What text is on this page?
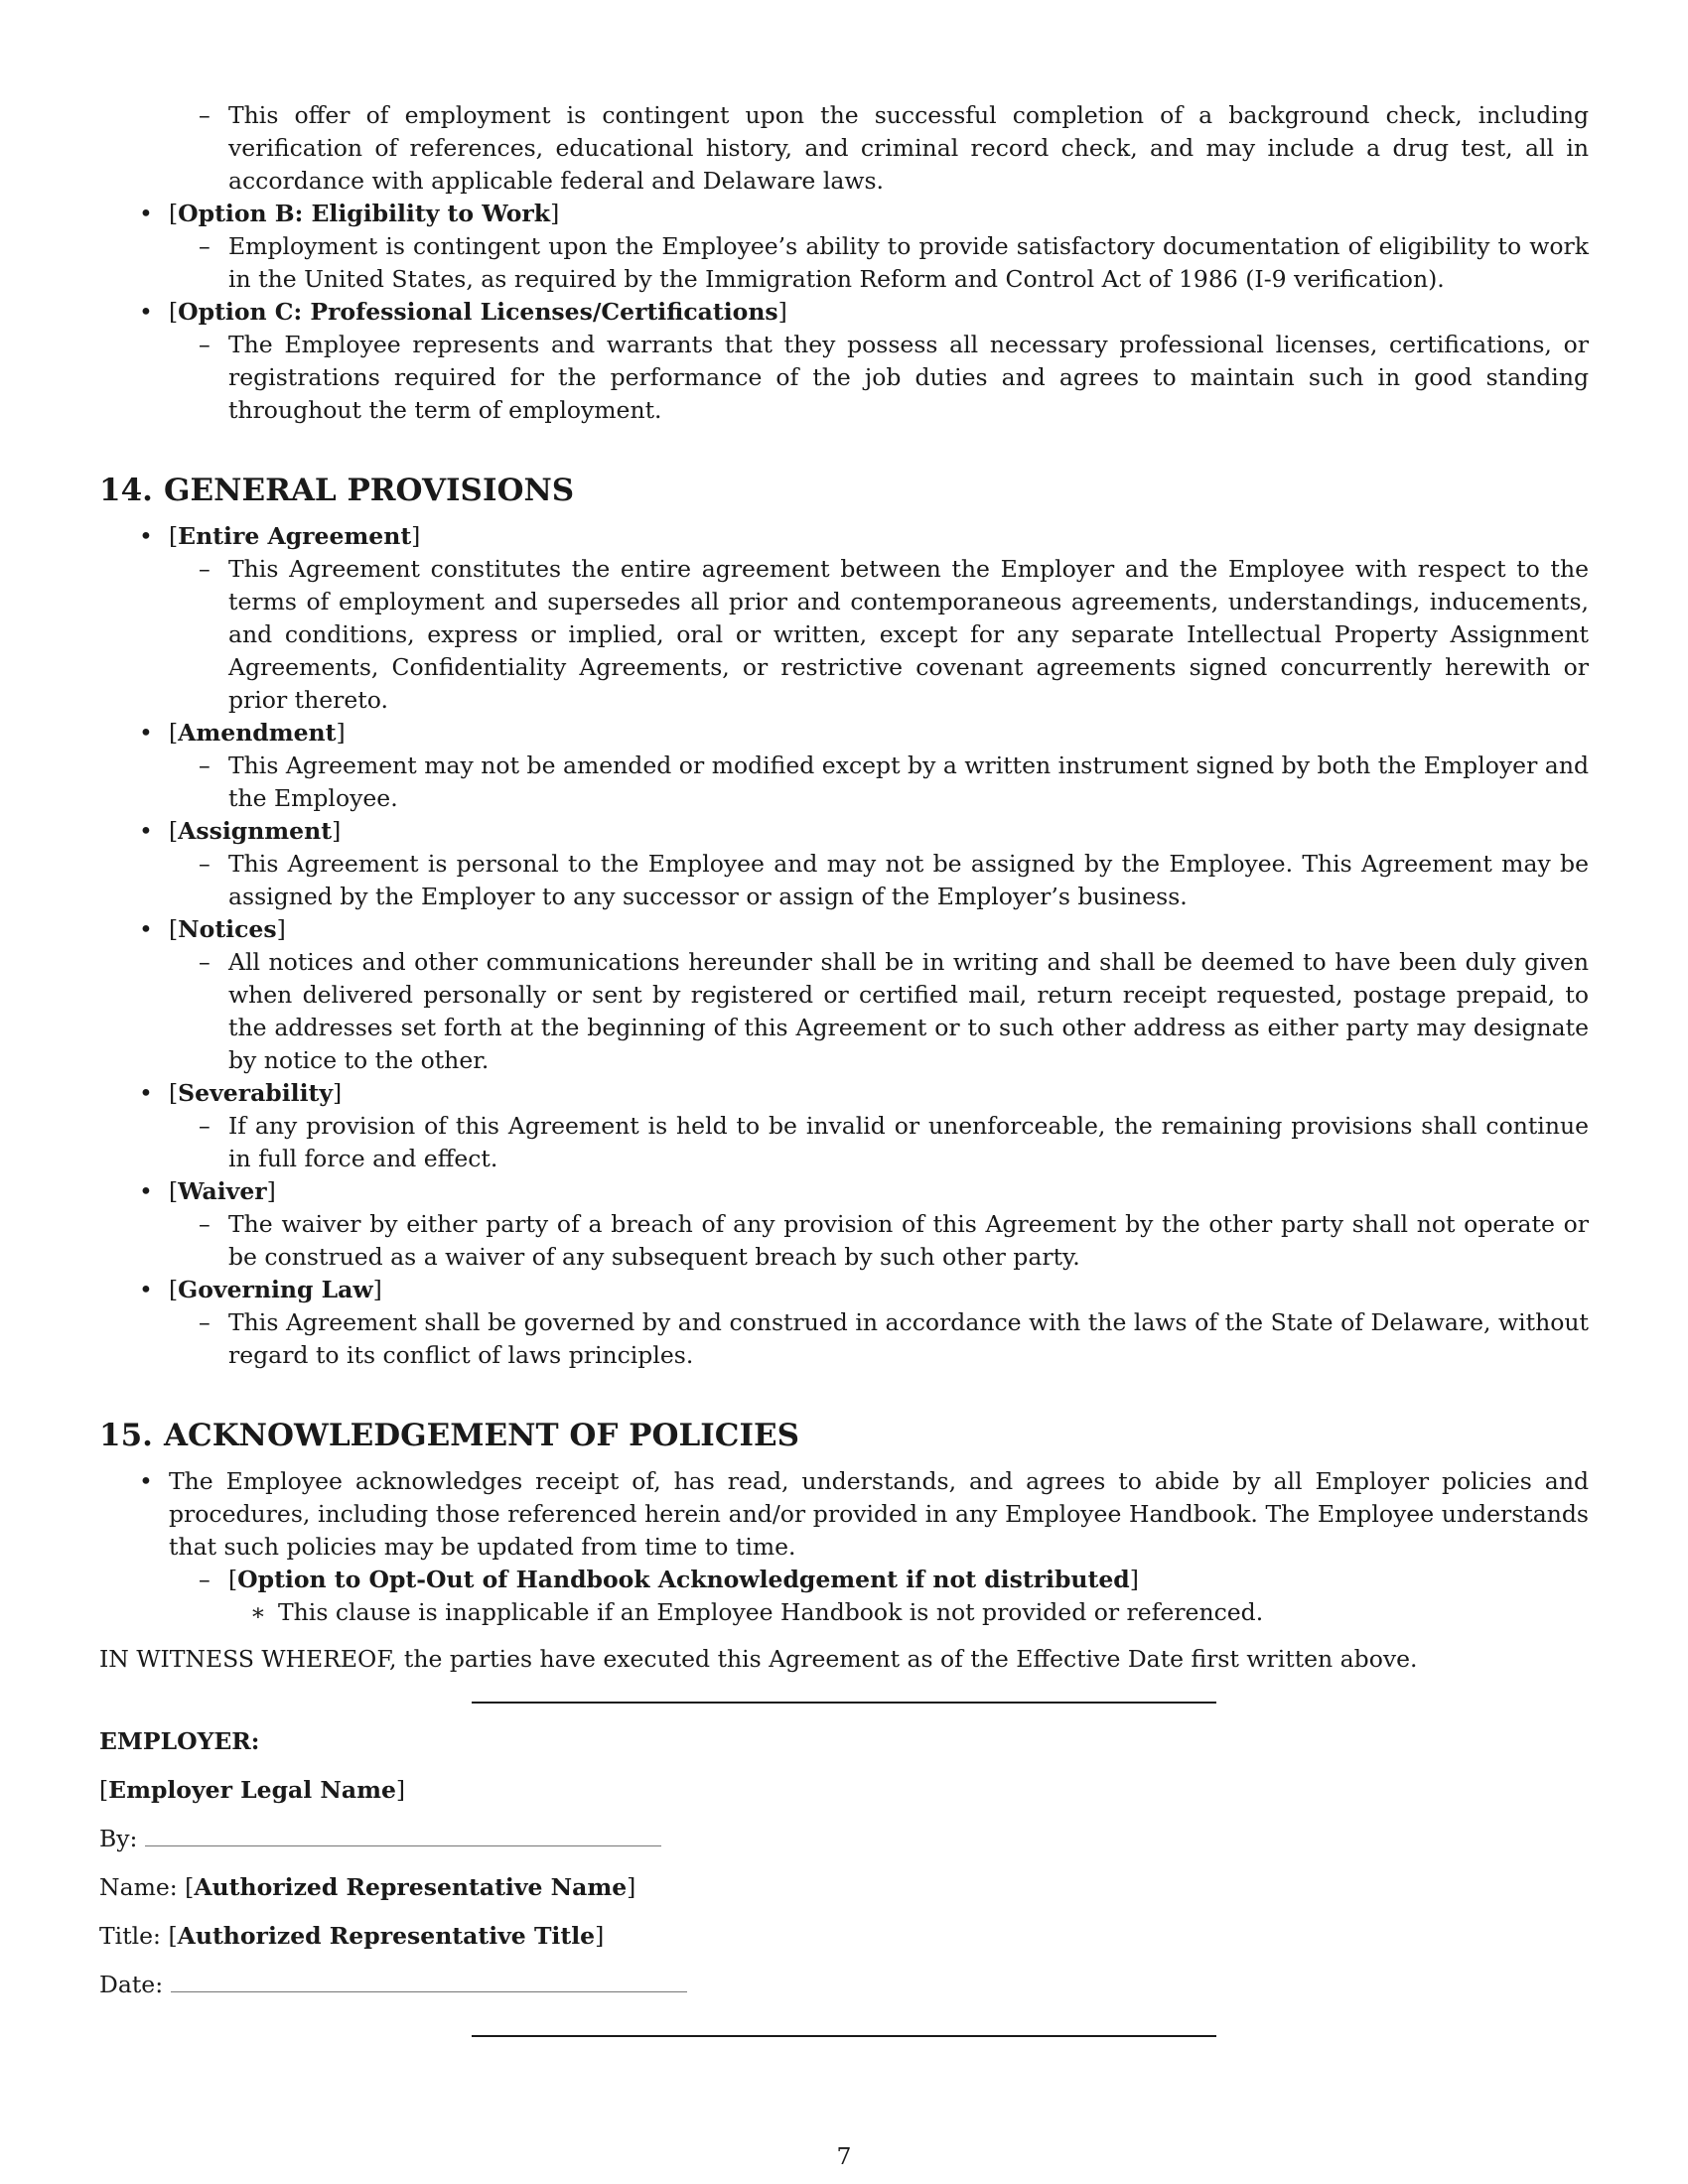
– This offer of employment is contingent upon the successful completion of a background check, including verification of references, educational history, and criminal record check, and may include a drug test, all in accordance with applicable federal and Delaware laws.
• [Option B: Eligibility to Work]
– Employment is contingent upon the Employee’s ability to provide satisfactory documentation of eligibility to work in the United States, as required by the Immigration Reform and Control Act of 1986 (I-9 verification).
• [Option C: Professional Licenses/Certifications]
– The Employee represents and warrants that they possess all necessary professional licenses, certifications, or registrations required for the performance of the job duties and agrees to maintain such in good standing throughout the term of employment.
14. GENERAL PROVISIONS
• [Entire Agreement]
– This Agreement constitutes the entire agreement between the Employer and the Employee with respect to the terms of employment and supersedes all prior and contemporaneous agreements, understandings, inducements, and conditions, express or implied, oral or written, except for any separate Intellectual Property Assignment Agreements, Confidentiality Agreements, or restrictive covenant agreements signed concurrently herewith or prior thereto.
• [Amendment]
– This Agreement may not be amended or modified except by a written instrument signed by both the Employer and the Employee.
• [Assignment]
– This Agreement is personal to the Employee and may not be assigned by the Employee. This Agreement may be assigned by the Employer to any successor or assign of the Employer’s business.
• [Notices]
– All notices and other communications hereunder shall be in writing and shall be deemed to have been duly given when delivered personally or sent by registered or certified mail, return receipt requested, postage prepaid, to the addresses set forth at the beginning of this Agreement or to such other address as either party may designate by notice to the other.
• [Severability]
– If any provision of this Agreement is held to be invalid or unenforceable, the remaining provisions shall continue in full force and effect.
• [Waiver]
– The waiver by either party of a breach of any provision of this Agreement by the other party shall not operate or be construed as a waiver of any subsequent breach by such other party.
• [Governing Law]
– This Agreement shall be governed by and construed in accordance with the laws of the State of Delaware, without regard to its conflict of laws principles.
15. ACKNOWLEDGEMENT OF POLICIES
• The Employee acknowledges receipt of, has read, understands, and agrees to abide by all Employer policies and procedures, including those referenced herein and/or provided in any Employee Handbook. The Employee understands that such policies may be updated from time to time.
– [Option to Opt-Out of Handbook Acknowledgement if not distributed]
∗ This clause is inapplicable if an Employee Handbook is not provided or referenced.
IN WITNESS WHEREOF, the parties have executed this Agreement as of the Effective Date first written above.
EMPLOYER:
[Employer Legal Name]
By:
Name: [Authorized Representative Name]
Title: [Authorized Representative Title]
Date:
7
